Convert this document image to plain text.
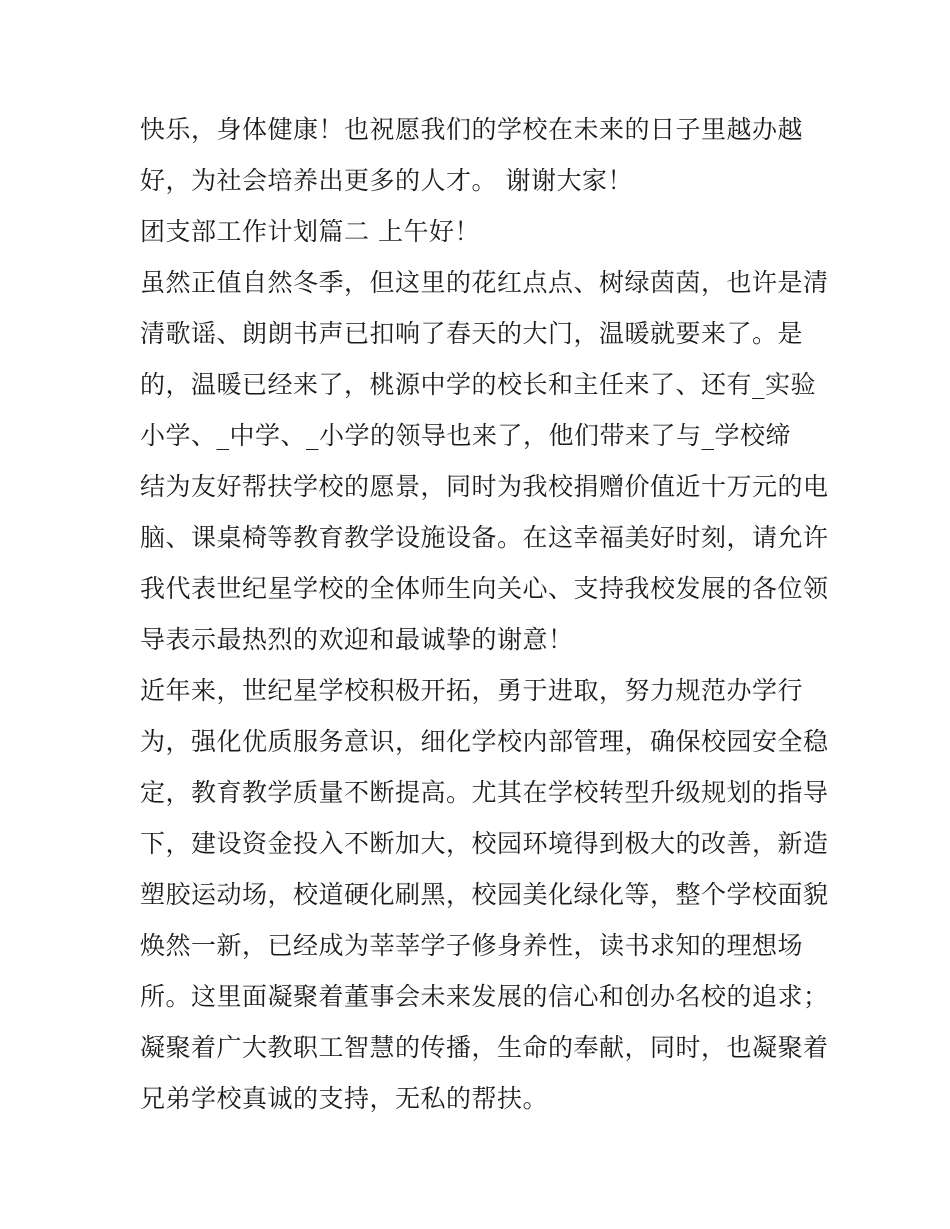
快乐，身体健康！也祝愿我们的学校在未来的日子里越办越
好，为社会培养出更多的人才。 谢谢大家！
团支部工作计划篇二 上午好！
虽然正值自然冬季，但这里的花红点点、树绿茵茵，也许是清
清歌谣、朗朗书声已扣响了春天的大门，温暖就要来了。是
的，温暖已经来了，桃源中学的校长和主任来了、还有_实验
小学、_中学、_小学的领导也来了，他们带来了与_学校缔
结为友好帮扶学校的愿景，同时为我校捐赠价值近十万元的电
脑、课桌椅等教育教学设施设备。在这幸福美好时刻，请允许
我代表世纪星学校的全体师生向关心、支持我校发展的各位领
导表示最热烈的欢迎和最诚挚的谢意！
近年来，世纪星学校积极开拓，勇于进取，努力规范办学行
为，强化优质服务意识，细化学校内部管理，确保校园安全稳
定，教育教学质量不断提高。尤其在学校转型升级规划的指导
下，建设资金投入不断加大，校园环境得到极大的改善，新造
塑胶运动场，校道硬化刷黑，校园美化绿化等，整个学校面貌
焕然一新，已经成为莘莘学子修身养性，读书求知的理想场
所。这里面凝聚着董事会未来发展的信心和创办名校的追求；
凝聚着广大教职工智慧的传播，生命的奉献，同时，也凝聚着
兄弟学校真诚的支持，无私的帮扶。
